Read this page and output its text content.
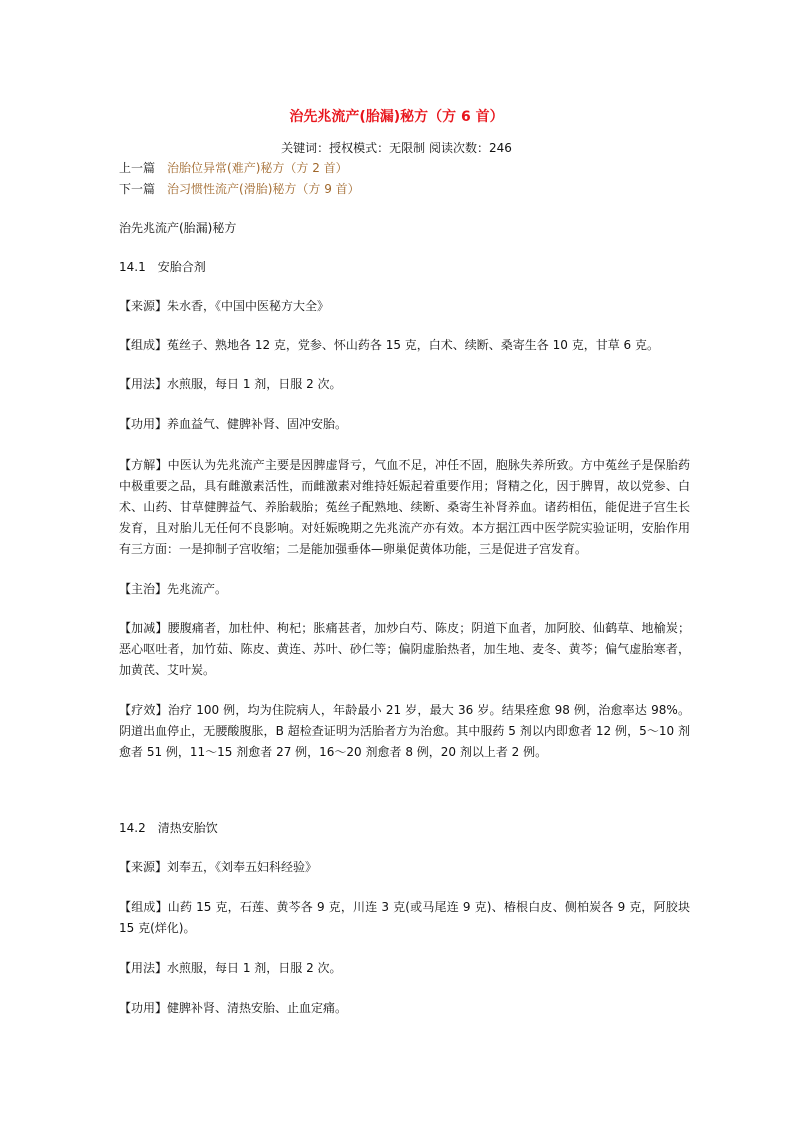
治先兆流产(胎漏)秘方（方 6 首）
关键词：授权模式：无限制 阅读次数：246
上一篇 治胎位异常(难产)秘方（方 2 首）
下一篇 治习惯性流产(滑胎)秘方（方 9 首）
治先兆流产(胎漏)秘方
14.1　安胎合剂
【来源】朱水香，《中国中医秘方大全》
【组成】菟丝子、熟地各 12 克，党参、怀山药各 15 克，白术、续断、桑寄生各 10 克，甘草 6 克。
【用法】水煎服，每日 1 剂，日服 2 次。
【功用】养血益气、健脾补肾、固冲安胎。
【方解】中医认为先兆流产主要是因脾虚肾亏，气血不足，冲任不固，胞脉失养所致。方中菟丝子是保胎药中极重要之品，具有雌激素活性，而雌激素对维持妊娠起着重要作用；肾精之化，因于脾胃，故以党参、白术、山药、甘草健脾益气、养胎载胎；菟丝子配熟地、续断、桑寄生补肾养血。诸药相伍，能促进子宫生长发育，且对胎儿无任何不良影响。对妊娠晚期之先兆流产亦有效。本方据江西中医学院实验证明，安胎作用有三方面：一是抑制子宫收缩；二是能加强垂体—卵巢促黄体功能，三是促进子宫发育。
【主治】先兆流产。
【加减】腰腹痛者，加杜仲、枸杞；胀痛甚者，加炒白芍、陈皮；阴道下血者，加阿胶、仙鹤草、地榆炭；恶心呕吐者，加竹茹、陈皮、黄连、苏叶、砂仁等；偏阴虚胎热者，加生地、麦冬、黄芩；偏气虚胎寒者，加黄芪、艾叶炭。
【疗效】治疗 100 例，均为住院病人，年龄最小 21 岁，最大 36 岁。结果痊愈 98 例，治愈率达 98%。阴道出血停止，无腰酸腹胀，B 超检查证明为活胎者方为治愈。其中服药 5 剂以内即愈者 12 例，5～10 剂愈者 51 例，11～15 剂愈者 27 例，16～20 剂愈者 8 例，20 剂以上者 2 例。
14.2　清热安胎饮
【来源】刘奉五，《刘奉五妇科经验》
【组成】山药 15 克，石莲、黄芩各 9 克，川连 3 克(或马尾连 9 克)、椿根白皮、侧柏炭各 9 克，阿胶块 15 克(烊化)。
【用法】水煎服，每日 1 剂，日服 2 次。
【功用】健脾补肾、清热安胎、止血定痛。
